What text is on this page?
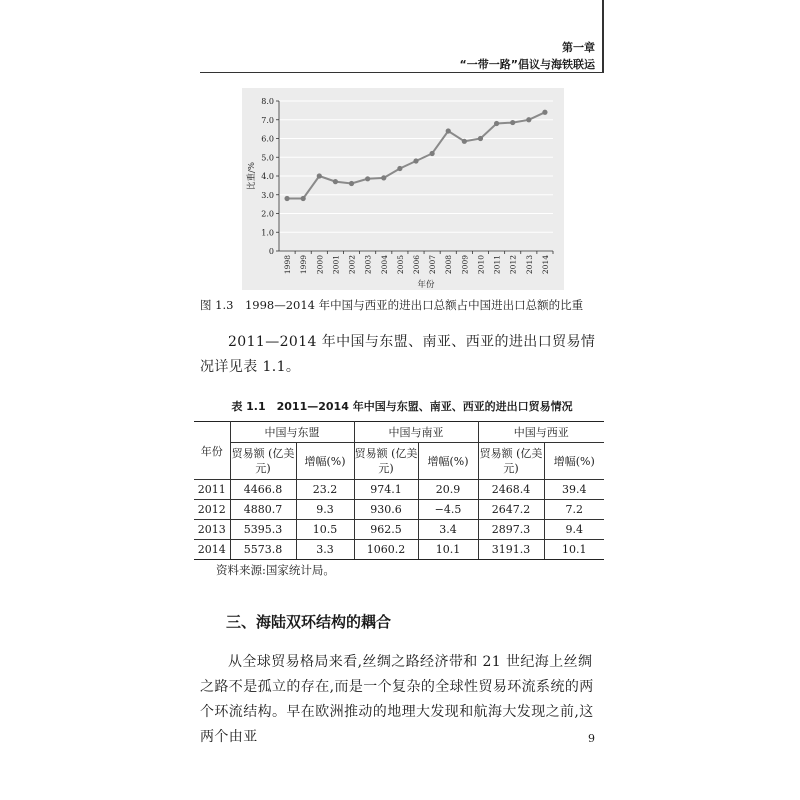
第一章
“一带一路”倡议与海铁联运
0
1.0
2.0
3.0
4.0
5.0
6.0
7.0
8.0
1998 1999 2000 2001 2002 2003 2004 2005 2006 2007 2008 2009 2010 2011 2012 2013 2014
年份
比重/%
图 1.3　1998—2014 年中国与西亚的进出口总额占中国进出口总额的比重
2011—2014 年中国与东盟、南亚、西亚的进出口贸易情况详见表 1.1。
表 1.1　2011—2014 年中国与东盟、南亚、西亚的进出口贸易情况
年份	中国与东盟		中国与南亚		中国与西亚	
	贸易额 (亿美元)	增幅(%)	贸易额 (亿美元)	增幅(%)	贸易额 (亿美元)	增幅(%)
2011	4466.8	23.2	974.1	20.9	2468.4	39.4
2012	4880.7	9.3	930.6	−4.5	2647.2	7.2
2013	5395.3	10.5	962.5	3.4	2897.3	9.4
2014	5573.8	3.3	1060.2	10.1	3191.3	10.1
资料来源:国家统计局。
三、海陆双环结构的耦合
从全球贸易格局来看,丝绸之路经济带和 21 世纪海上丝绸之路不是孤立的存在,而是一个复杂的全球性贸易环流系统的两个环流结构。早在欧洲推动的地理大发现和航海大发现之前,这两个由亚	9
